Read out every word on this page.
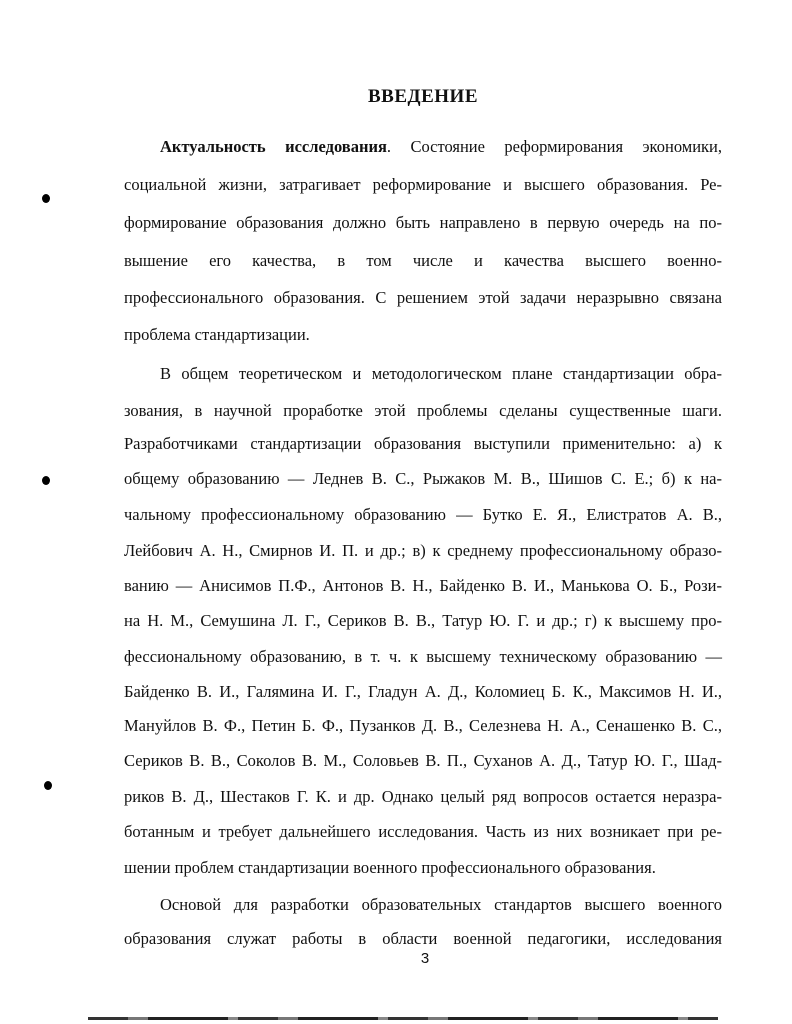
ВВЕДЕНИЕ
Актуальность исследования. Состояние реформирования экономики,
социальной жизни, затрагивает реформирование и высшего образования. Ре-
формирование образования должно быть направлено в первую очередь на по-
вышение его качества, в том числе и качества высшего военно-
профессионального образования. С решением этой задачи неразрывно связана
проблема стандартизации.
В общем теоретическом и методологическом плане стандартизации обра-
зования, в научной проработке этой проблемы сделаны существенные шаги.
Разработчиками стандартизации образования выступили применительно: а) к
общему образованию — Леднев В. С., Рыжаков М. В., Шишов С. Е.; б) к на-
чальному профессиональному образованию — Бутко Е. Я., Елистратов А. В.,
Лейбович А. Н., Смирнов И. П. и др.; в) к среднему профессиональному образо-
ванию — Анисимов П.Ф., Антонов В. Н., Байденко В. И., Манькова О. Б., Рози-
на Н. М., Семушина Л. Г., Сериков В. В., Татур Ю. Г. и др.; г) к высшему про-
фессиональному образованию, в т. ч. к высшему техническому образованию —
Байденко В. И., Галямина И. Г., Гладун А. Д., Коломиец Б. К., Максимов Н. И.,
Мануйлов В. Ф., Петин Б. Ф., Пузанков Д. В., Селезнева Н. А., Сенашенко В. С.,
Сериков В. В., Соколов В. М., Соловьев В. П., Суханов А. Д., Татур Ю. Г., Шад-
риков В. Д., Шестаков Г. К. и др. Однако целый ряд вопросов остается неразра-
ботанным и требует дальнейшего исследования. Часть из них возникает при ре-
шении проблем стандартизации военного профессионального образования.
Основой для разработки образовательных стандартов высшего военного
образования служат работы в области военной педагогики, исследования
3
